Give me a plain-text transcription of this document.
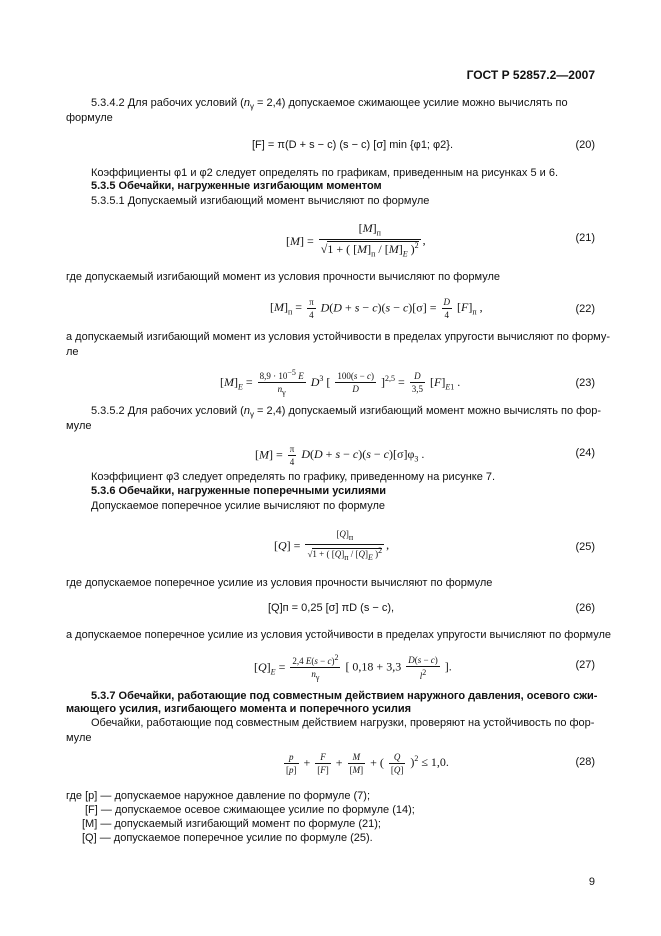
ГОСТ Р 52857.2—2007
5.3.4.2 Для рабочих условий $(n_\gamma = 2,4)$ допускаемое сжимающее усилие можно вычислять по
формуле
[F] = π(D + s − c) (s − c) [σ] min {φ1; φ2}.	(20)
Коэффициенты φ1 и φ2 следует определять по графикам, приведенным на рисунках 5 и 6.
5.3.5 Обечайки, нагруженные изгибающим моментом
5.3.5.1 Допускаемый изгибающий момент вычисляют по формуле
$[M] = \frac{[M]_п}{√1 + ( [M]_п / [M]_E )^2}$ ,	(21)
где допускаемый изгибающий момент из условия прочности вычисляют по формуле
$[M]_п = \frac{\pi}{4} D(D + s - c)(s - c)[\sigma] = \frac{D}{4} [F]_п$ ,	(22)
а допускаемый изгибающий момент из условия устойчивости в пределах упругости вычисляют по форму-
ле
$[M]_E = \frac{8,9 \cdot 10^{-5} E}{n_\gamma} D^3$ [ $\frac{100(s - c)}{D} ]^{2,5} = \frac{D}{3,5} [F]_{E1}$ .	(23)
5.3.5.2 Для рабочих условий $(n_\gamma = 2,4)$ допускаемый изгибающий момент можно вычислять по фор-
муле
$[M] = \frac{\pi}{4} D(D + s - c)(s - c)[\sigma]\varphi_3$ .	(24)
Коэффициент φ3 следует определять по графику, приведенному на рисунке 7.
5.3.6 Обечайки, нагруженные поперечными усилиями
Допускаемое поперечное усилие вычисляют по формуле
$[Q] = \frac{[Q]_п}{√1 + ( [Q]_п / [Q]_E )^2}$ ,	(25)
где допускаемое поперечное усилие из условия прочности вычисляют по формуле
[Q]п = 0,25 [σ] πD (s − c),	(26)
а допускаемое поперечное усилие из условия устойчивости в пределах упругости вычисляют по формуле
$[Q]_E = \frac{2,4 E(s - c)^2}{n_\gamma}$ [ $0,18 + 3,3 \frac{D(s - c)}{l^2}$ ].	(27)
5.3.7 Обечайки, работающие под совместным действием наружного давления, осевого сжи-
мающего усилия, изгибающего момента и поперечного усилия
Обечайки, работающие под совместным действием нагрузки, проверяют на устойчивость по фор-
муле
$\frac{p}{[p]} + \frac{F}{[F]} + \frac{M}{[M]}$ + ( $\frac{Q}{[Q]} )^2 \le 1,0$.	(28)
где [p] — допускаемое наружное давление по формуле (7);
[F] — допускаемое осевое сжимающее усилие по формуле (14);
[M] — допускаемый изгибающий момент по формуле (21);
[Q] — допускаемое поперечное усилие по формуле (25).
9
